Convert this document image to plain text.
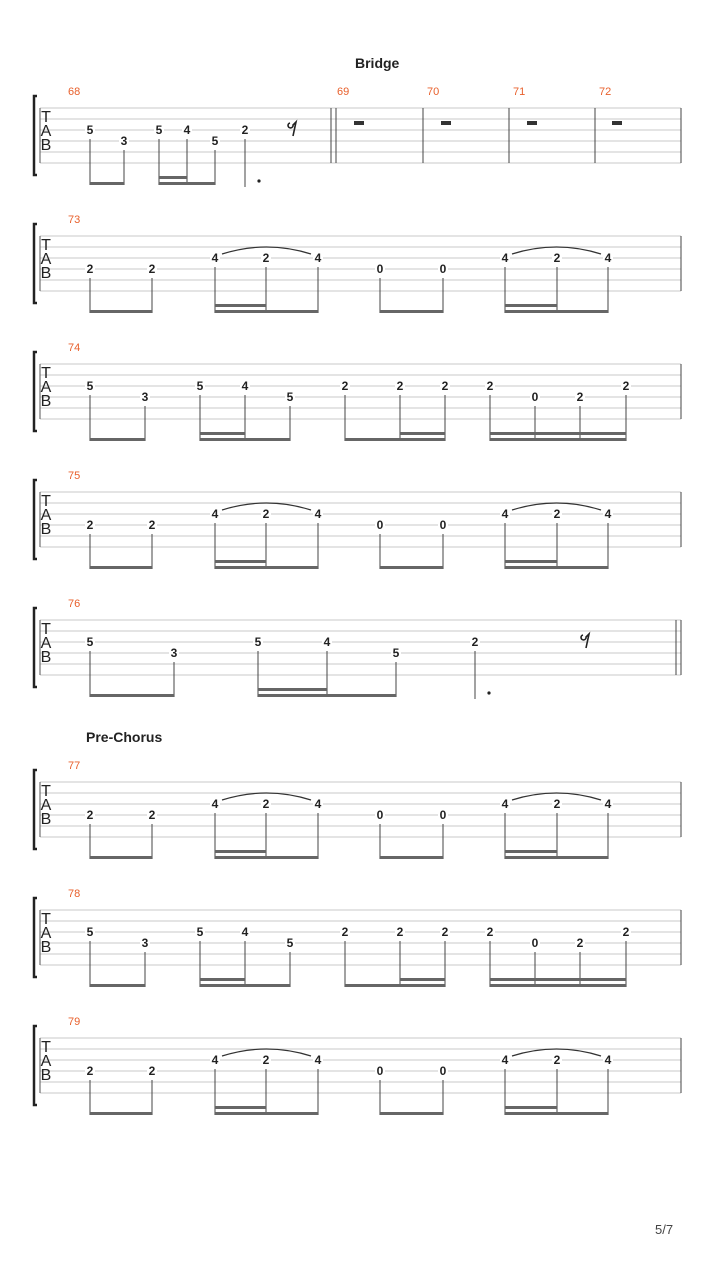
Bridge
Pre-Chorus
T
A
B
68	69	70	71	72
5
3
5 4
5
2
T
A
B
73
2	2
4	2	4
0	0
4	2	4
T
A
B
74
5
3
5	4
5
2	2	2	2
0	2
2
T
A
B
75
2	2
4	2	4
0	0
4	2	4
T
A
B
76
5
3
5	4
5
2
T
A
B
77
2	2
4	2	4
0	0
4	2	4
T
A
B
78
5
3
5	4
5
2	2	2	2
0	2
2
T
A
B
79
2	2
4	2	4
0	0
4	2	4
5/7
